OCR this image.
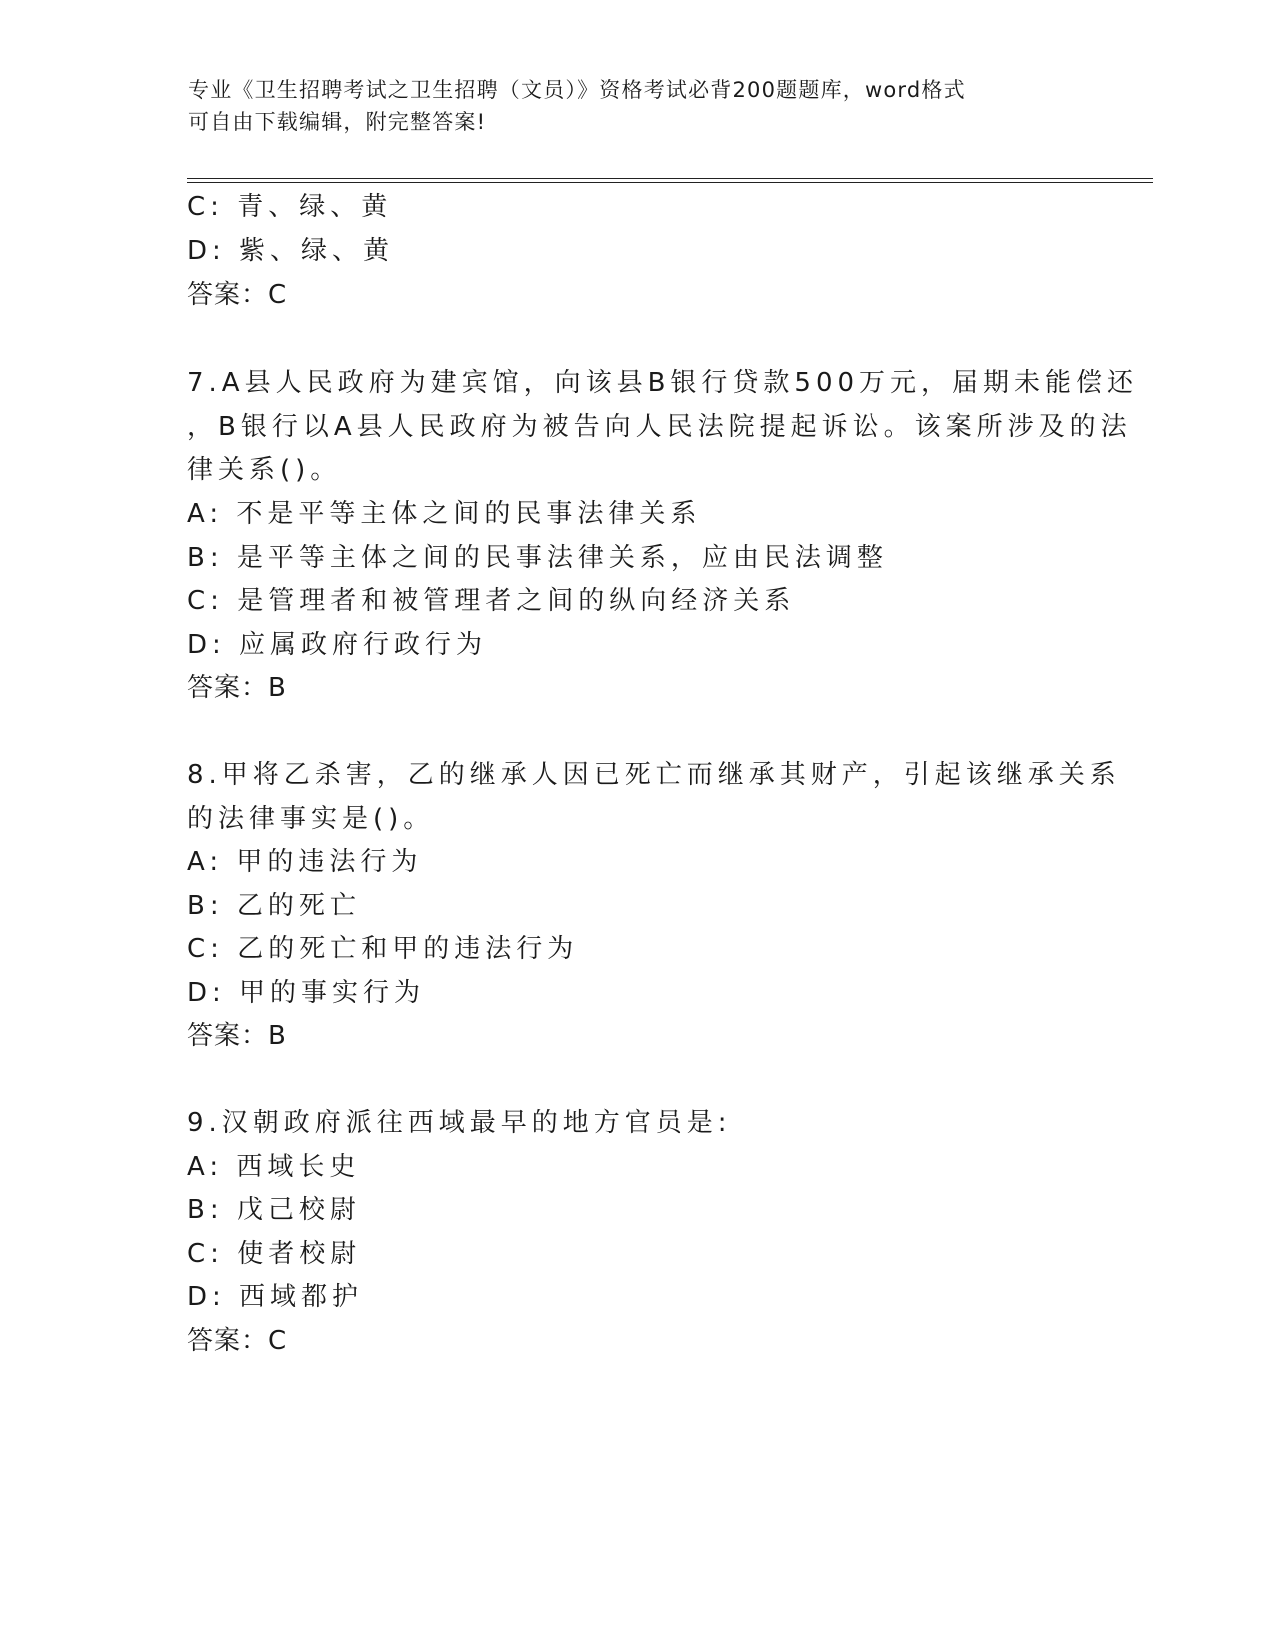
专业《卫生招聘考试之卫生招聘（文员）》资格考试必背200题题库，word格式
可自由下载编辑，附完整答案!
C: 青、绿、黄
D: 紫、绿、黄
答案：C
7.A县人民政府为建宾馆，向该县B银行贷款500万元，届期未能偿还
，B银行以A县人民政府为被告向人民法院提起诉讼。该案所涉及的法
律关系()。
A: 不是平等主体之间的民事法律关系
B: 是平等主体之间的民事法律关系，应由民法调整
C: 是管理者和被管理者之间的纵向经济关系
D: 应属政府行政行为
答案：B
8.甲将乙杀害，乙的继承人因已死亡而继承其财产，引起该继承关系
的法律事实是()。
A: 甲的违法行为
B: 乙的死亡
C: 乙的死亡和甲的违法行为
D: 甲的事实行为
答案：B
9.汉朝政府派往西域最早的地方官员是:
A: 西域长史
B: 戊己校尉
C: 使者校尉
D: 西域都护
答案：C
